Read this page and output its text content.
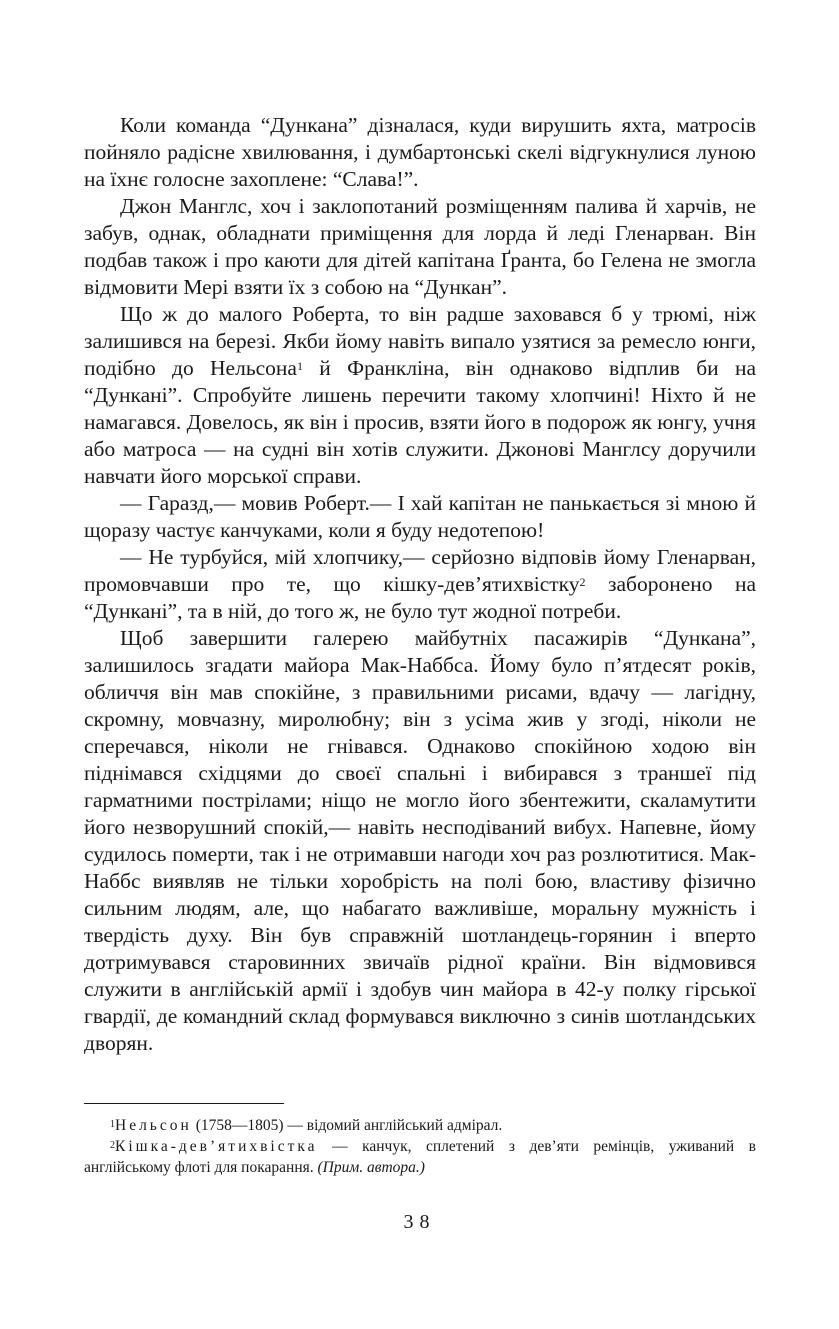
Коли команда “Дункана” дізналася, куди вирушить яхта, матросів пойняло радісне хвилювання, і думбартонські скелі відгукнулися луною на їхнє голосне захоплене: “Слава!”.

Джон Манглс, хоч і заклопотаний розміщенням палива й харчів, не забув, однак, обладнати приміщення для лорда й леді Гленарван. Він подбав також і про каюти для дітей капітана Ґранта, бо Гелена не змогла відмовити Мері взяти їх з собою на “Дункан”.

Що ж до малого Роберта, то він радше заховався б у трюмі, ніж залишився на березі. Якби йому навіть випало узятися за ремесло юнги, подібно до Нельсона$^1$ й Франкліна, він однаково відплив би на “Дункані”. Спробуйте лишень перечити такому хлопчині! Ніхто й не намагався. Довелось, як він і просив, взяти його в подорож як юнгу, учня або матроса — на судні він хотів служити. Джонові Манглсу доручили навчати його морської справи.

— Гаразд,— мовив Роберт.— І хай капітан не панькається зі мною й щоразу частує канчуками, коли я буду недотепою!

— Не турбуйся, мій хлопчику,— серйозно відповів йому Гленарван, промовчавши про те, що кішку-дев’ятихвістку$^2$ заборонено на “Дункані”, та в ній, до того ж, не було тут жодної потреби.

Щоб завершити галерею майбутніх пасажирів “Дункана”, залишилось згадати майора Мак-Наббса. Йому було п’ятдесят років, обличчя він мав спокійне, з правильними рисами, вдачу — лагідну, скромну, мовчазну, миролюбну; він з усіма жив у згоді, ніколи не сперечався, ніколи не гнівався. Однаково спокійною ходою він піднімався східцями до своєї спальні і вибирався з траншеї під гарматними пострілами; ніщо не могло його збентежити, скаламутити його незворушний спокій,— навіть несподіваний вибух. Напевне, йому судилось померти, так і не отримавши нагоди хоч раз розлютитися. Мак-Наббс виявляв не тільки хоробрість на полі бою, властиву фізично сильним людям, але, що набагато важливіше, моральну мужність і твердість духу. Він був справжній шотландець-горянин і вперто дотримувався старовинних звичаїв рідної країни. Він відмовився служити в англійській армії і здобув чин майора в 42-у полку гірської гвардії, де командний склад формувався виключно з синів шотландських дворян.

$^1$Нельсон (1758—1805) — відомий англійський адмірал.

$^2$Кішка-дев’ятихвістка — канчук, сплетений з дев’яти ремінців, уживаний в англійському флоті для покарання. (Прим. автора.)

38
